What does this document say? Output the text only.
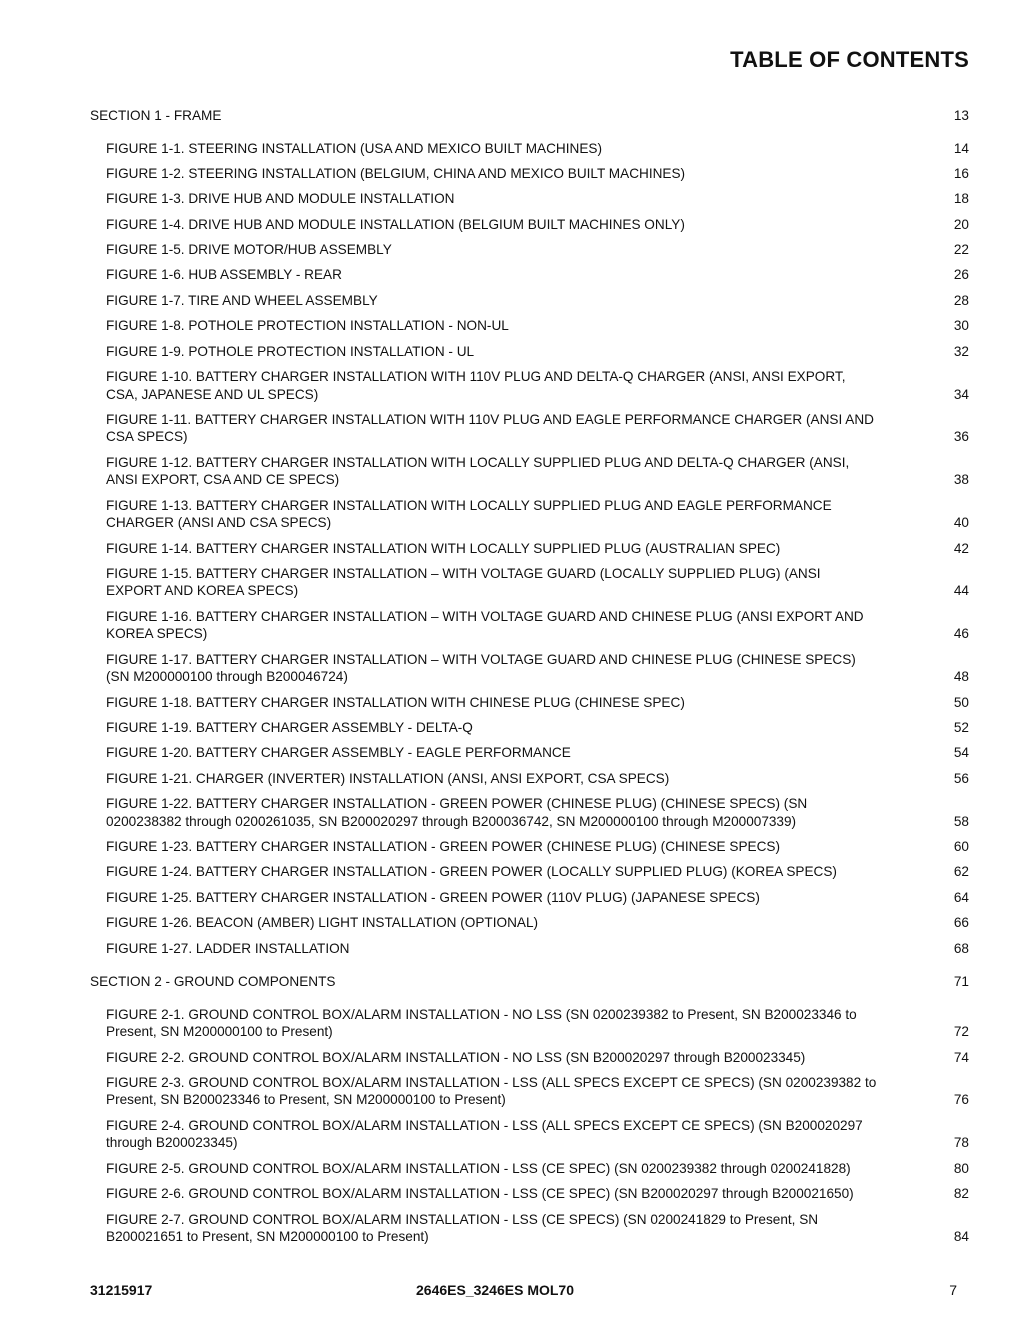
TABLE OF CONTENTS
SECTION 1 - FRAME	13
FIGURE 1-1. STEERING INSTALLATION (USA AND MEXICO BUILT MACHINES)	14
FIGURE 1-2. STEERING INSTALLATION (BELGIUM, CHINA AND MEXICO BUILT MACHINES)	16
FIGURE 1-3. DRIVE HUB AND MODULE INSTALLATION	18
FIGURE 1-4. DRIVE HUB AND MODULE INSTALLATION (BELGIUM BUILT MACHINES ONLY)	20
FIGURE 1-5. DRIVE MOTOR/HUB ASSEMBLY	22
FIGURE 1-6. HUB ASSEMBLY - REAR	26
FIGURE 1-7. TIRE AND WHEEL ASSEMBLY	28
FIGURE 1-8. POTHOLE PROTECTION INSTALLATION - NON-UL	30
FIGURE 1-9. POTHOLE PROTECTION INSTALLATION - UL	32
FIGURE 1-10. BATTERY CHARGER INSTALLATION WITH 110V PLUG AND DELTA-Q CHARGER (ANSI, ANSI EXPORT,
CSA, JAPANESE AND UL SPECS)	34
FIGURE 1-11. BATTERY CHARGER INSTALLATION WITH 110V PLUG AND EAGLE PERFORMANCE CHARGER (ANSI AND
CSA SPECS)	36
FIGURE 1-12. BATTERY CHARGER INSTALLATION WITH LOCALLY SUPPLIED PLUG AND DELTA-Q CHARGER (ANSI,
ANSI EXPORT, CSA AND CE SPECS)	38
FIGURE 1-13. BATTERY CHARGER INSTALLATION WITH LOCALLY SUPPLIED PLUG AND EAGLE PERFORMANCE
CHARGER (ANSI AND CSA SPECS)	40
FIGURE 1-14. BATTERY CHARGER INSTALLATION WITH LOCALLY SUPPLIED PLUG (AUSTRALIAN SPEC)	42
FIGURE 1-15. BATTERY CHARGER INSTALLATION – WITH VOLTAGE GUARD (LOCALLY SUPPLIED PLUG) (ANSI
EXPORT AND KOREA SPECS)	44
FIGURE 1-16. BATTERY CHARGER INSTALLATION – WITH VOLTAGE GUARD AND CHINESE PLUG (ANSI EXPORT AND
KOREA SPECS)	46
FIGURE 1-17. BATTERY CHARGER INSTALLATION – WITH VOLTAGE GUARD AND CHINESE PLUG (CHINESE SPECS)
(SN M200000100 through B200046724)	48
FIGURE 1-18. BATTERY CHARGER INSTALLATION WITH CHINESE PLUG (CHINESE SPEC)	50
FIGURE 1-19. BATTERY CHARGER ASSEMBLY - DELTA-Q	52
FIGURE 1-20. BATTERY CHARGER ASSEMBLY - EAGLE PERFORMANCE	54
FIGURE 1-21. CHARGER (INVERTER) INSTALLATION (ANSI, ANSI EXPORT, CSA SPECS)	56
FIGURE 1-22. BATTERY CHARGER INSTALLATION - GREEN POWER (CHINESE PLUG) (CHINESE SPECS) (SN
0200238382 through 0200261035, SN B200020297 through B200036742, SN M200000100 through M200007339)	58
FIGURE 1-23. BATTERY CHARGER INSTALLATION - GREEN POWER (CHINESE PLUG) (CHINESE SPECS)	60
FIGURE 1-24. BATTERY CHARGER INSTALLATION - GREEN POWER (LOCALLY SUPPLIED PLUG) (KOREA SPECS)	62
FIGURE 1-25. BATTERY CHARGER INSTALLATION - GREEN POWER (110V PLUG) (JAPANESE SPECS)	64
FIGURE 1-26. BEACON (AMBER) LIGHT INSTALLATION (OPTIONAL)	66
FIGURE 1-27. LADDER INSTALLATION	68
SECTION 2 - GROUND COMPONENTS	71
FIGURE 2-1. GROUND CONTROL BOX/ALARM INSTALLATION - NO LSS (SN 0200239382 to Present, SN B200023346 to
Present, SN M200000100 to Present)	72
FIGURE 2-2. GROUND CONTROL BOX/ALARM INSTALLATION - NO LSS (SN B200020297 through B200023345)	74
FIGURE 2-3. GROUND CONTROL BOX/ALARM INSTALLATION - LSS (ALL SPECS EXCEPT CE SPECS) (SN 0200239382 to
Present, SN B200023346 to Present, SN M200000100 to Present)	76
FIGURE 2-4. GROUND CONTROL BOX/ALARM INSTALLATION - LSS (ALL SPECS EXCEPT CE SPECS) (SN B200020297
through B200023345)	78
FIGURE 2-5. GROUND CONTROL BOX/ALARM INSTALLATION - LSS (CE SPEC) (SN 0200239382 through 0200241828)	80
FIGURE 2-6. GROUND CONTROL BOX/ALARM INSTALLATION - LSS (CE SPEC) (SN B200020297 through B200021650)	82
FIGURE 2-7. GROUND CONTROL BOX/ALARM INSTALLATION - LSS (CE SPECS) (SN 0200241829 to Present, SN
B200021651 to Present, SN M200000100 to Present)	84
31215917	2646ES_3246ES MOL70	7
